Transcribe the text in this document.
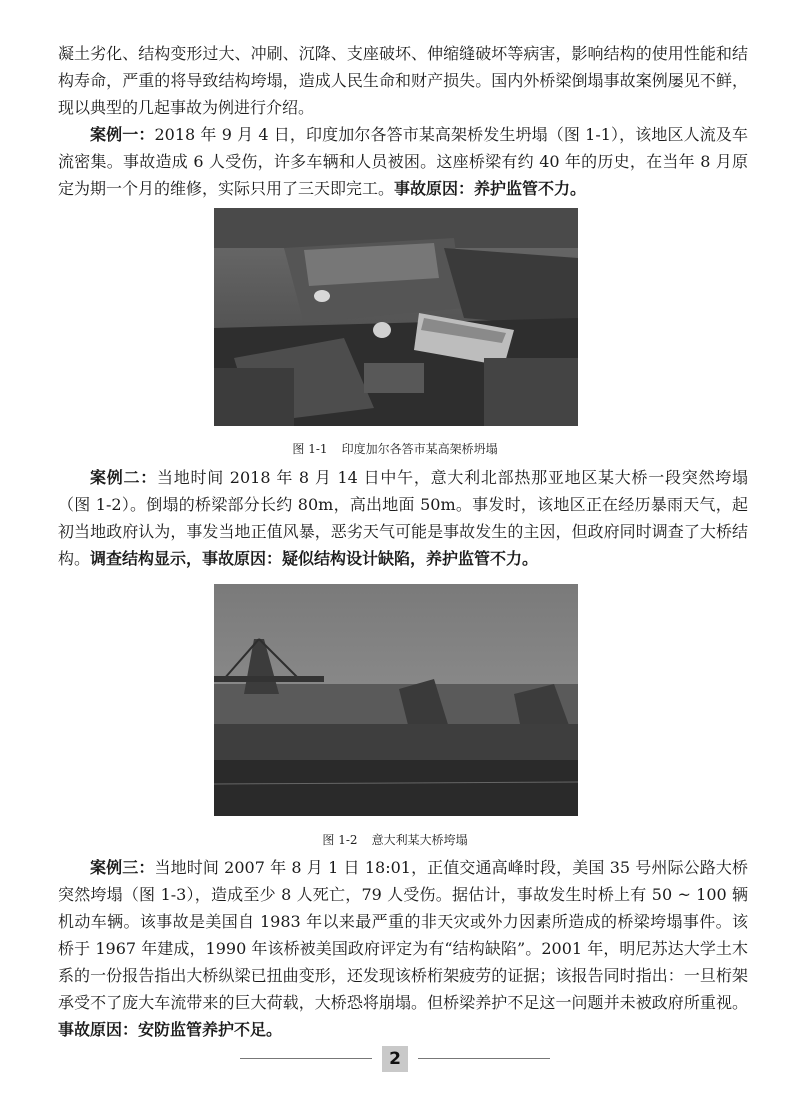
凝土劣化、结构变形过大、冲刷、沉降、支座破坏、伸缩缝破坏等病害，影响结构的使用性能和结构寿命，严重的将导致结构垮塌，造成人民生命和财产损失。国内外桥梁倒塌事故案例屡见不鲜，现以典型的几起事故为例进行介绍。

案例一：2018 年 9 月 4 日，印度加尔各答市某高架桥发生坍塌（图 1-1），该地区人流及车流密集。事故造成 6 人受伤，许多车辆和人员被困。这座桥梁有约 40 年的历史，在当年 8 月原定为期一个月的维修，实际只用了三天即完工。事故原因：养护监管不力。

图 1-1 印度加尔各答市某高架桥坍塌

案例二：当地时间 2018 年 8 月 14 日中午，意大利北部热那亚地区某大桥一段突然垮塌（图 1-2）。倒塌的桥梁部分长约 80m，高出地面 50m。事发时，该地区正在经历暴雨天气，起初当地政府认为，事发当地正值风暴，恶劣天气可能是事故发生的主因，但政府同时调查了大桥结构。调查结构显示，事故原因：疑似结构设计缺陷，养护监管不力。

图 1-2 意大利某大桥垮塌

案例三：当地时间 2007 年 8 月 1 日 18:01，正值交通高峰时段，美国 35 号州际公路大桥突然垮塌（图 1-3），造成至少 8 人死亡，79 人受伤。据估计，事故发生时桥上有 50 ~ 100 辆机动车辆。该事故是美国自 1983 年以来最严重的非天灾或外力因素所造成的桥梁垮塌事件。该桥于 1967 年建成，1990 年该桥被美国政府评定为有“结构缺陷”。2001 年，明尼苏达大学土木系的一份报告指出大桥纵梁已扭曲变形，还发现该桥桁架疲劳的证据；该报告同时指出：一旦桁架承受不了庞大车流带来的巨大荷载，大桥恐将崩塌。但桥梁养护不足这一问题并未被政府所重视。事故原因：安防监管养护不足。

2
